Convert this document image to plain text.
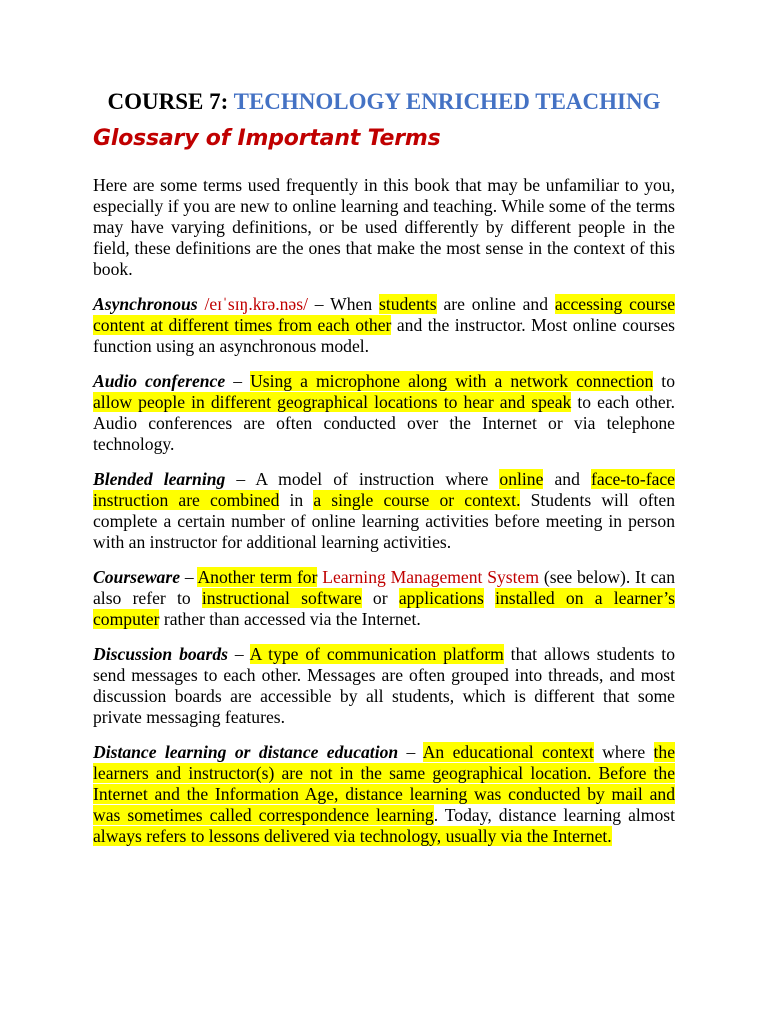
COURSE 7: TECHNOLOGY ENRICHED TEACHING
Glossary of Important Terms

Here are some terms used frequently in this book that may be unfamiliar to you, especially if you are new to online learning and teaching. While some of the terms may have varying definitions, or be used differently by different people in the field, these definitions are the ones that make the most sense in the context of this book.

Asynchronous /eɪˈsɪŋ.krə.nəs/ – When students are online and accessing course content at different times from each other and the instructor. Most online courses function using an asynchronous model.

Audio conference – Using a microphone along with a network connection to allow people in different geographical locations to hear and speak to each other. Audio conferences are often conducted over the Internet or via telephone technology.

Blended learning – A model of instruction where online and face-to-face instruction are combined in a single course or context. Students will often complete a certain number of online learning activities before meeting in person with an instructor for additional learning activities.

Courseware – Another term for Learning Management System (see below). It can also refer to instructional software or applications installed on a learner’s computer rather than accessed via the Internet.

Discussion boards – A type of communication platform that allows students to send messages to each other. Messages are often grouped into threads, and most discussion boards are accessible by all students, which is different that some private messaging features.

Distance learning or distance education – An educational context where the learners and instructor(s) are not in the same geographical location. Before the Internet and the Information Age, distance learning was conducted by mail and was sometimes called correspondence learning. Today, distance learning almost always refers to lessons delivered via technology, usually via the Internet.
